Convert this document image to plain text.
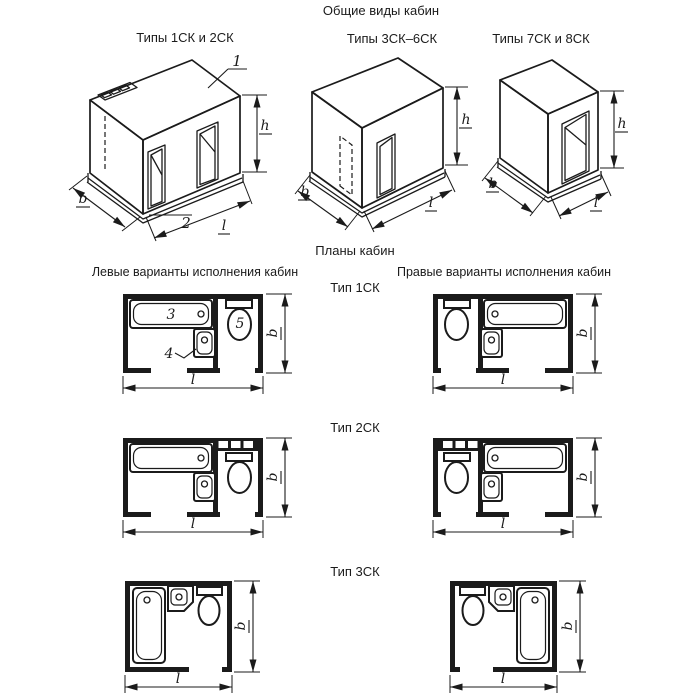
Общие виды кабин
Типы 1СК и 2СК	Типы 3СК–6СК	Типы 7СК и 8СК
Планы кабин
Левые варианты исполнения кабин	Правые варианты исполнения кабин
Тип 1СК
Тип 2СК
Тип 3СК
h
b
l
1
2
h
b
l
h
b
l
3
4
5
b
l
b
l
b
l
b
l
b
l
b
l
